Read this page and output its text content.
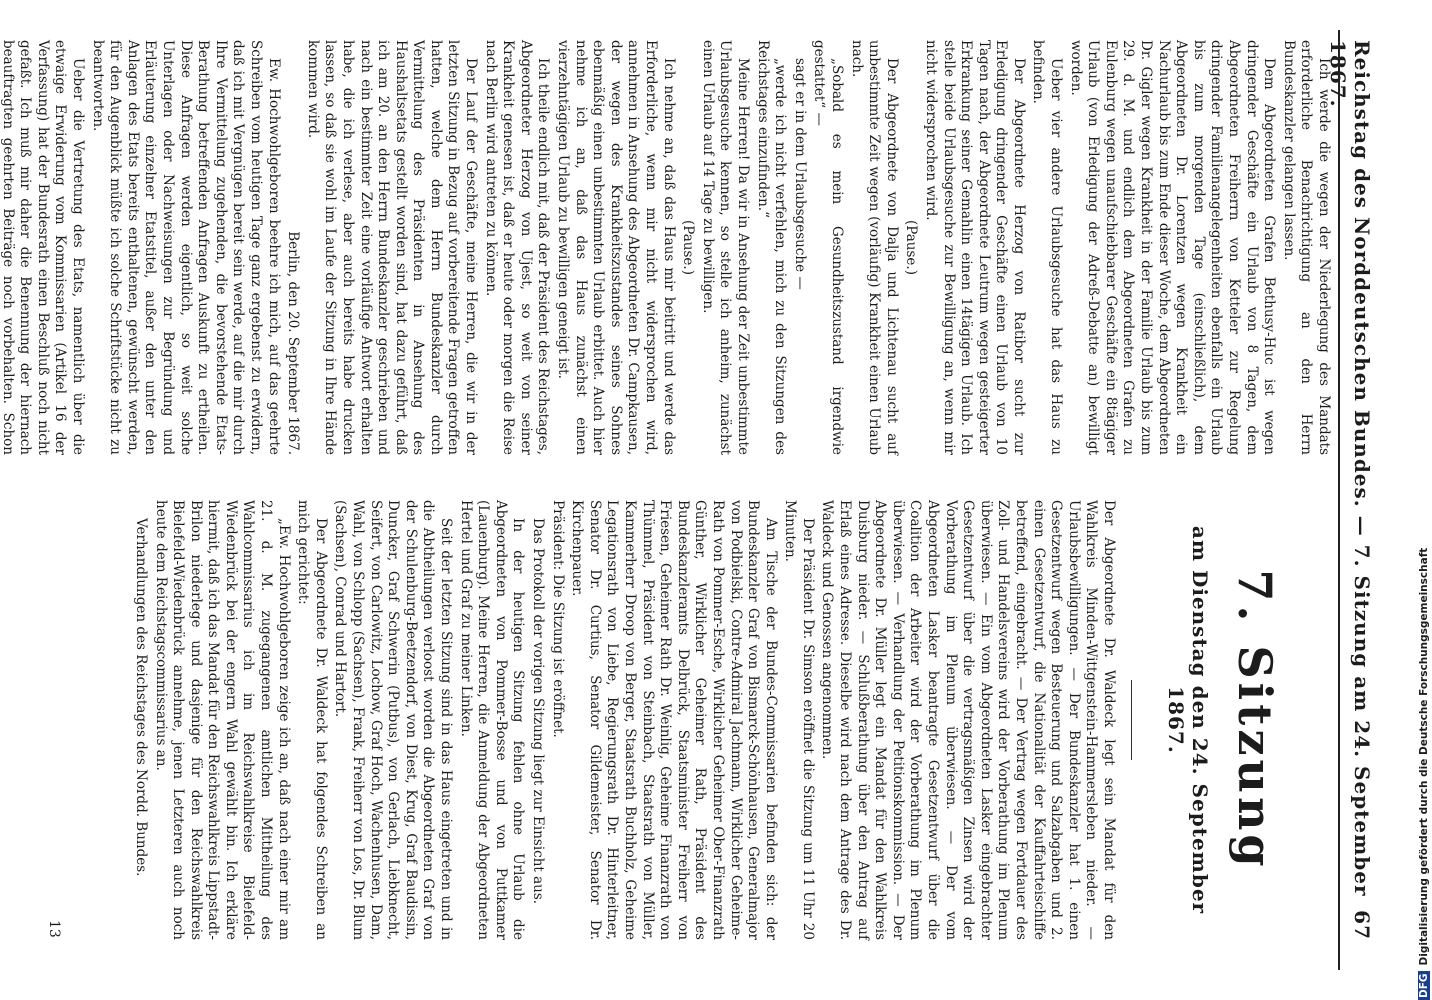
Reichstag des Norddeutschen Bundes. — 7. Sitzung am 24. September 1867.
67

Ich werde die wegen der Niederlegung des Mandats erforderliche Benachrichtigung an den Herrn Bundeskanzler gelangen lassen.

Dem Abgeordneten Grafen Bethusy-Huc ist wegen dringender Geschäfte ein Urlaub von 8 Tagen, dem Abgeordneten Freiherrn von Ketteler zur Regelung dringender Familienangelegenheiten ebenfalls ein Urlaub bis zum morgenden Tage (einschließlich), dem Abgeordneten Dr. Lorentzen wegen Krankheit ein Nachurlaub bis zum Ende dieser Woche, dem Abgeordneten Dr. Gigler wegen Krankheit in der Familie Urlaub bis zum 29. d. M. und endlich dem Abgeordneten Grafen zu Eulenburg wegen unaufschiebbarer Geschäfte ein 8tägiger Urlaub (von Erledigung der Adreß-Debatte an) bewilligt worden.

Ueber vier andere Urlaubsgesuche hat das Haus zu befinden.

Der Abgeordnete Herzog von Ratibor sucht zur Erledigung dringender Geschäfte einen Urlaub von 10 Tagen nach, der Abgeordnete Leutrum wegen gesteigerter Erkrankung seiner Gemahlin einen 14tägigen Urlaub. Ich stelle beide Urlaubsgesuche zur Bewilligung an, wenn mir nicht widersprochen wird.

(Pause.)

Der Abgeordnete von Dalja und Lichtenau sucht auf unbestimmte Zeit wegen (vorläufig) Krankheit einen Urlaub nach.

„Sobald es mein Gesundheitszustand irgendwie gestattet“ —

sagt er in dem Urlaubsgesuche —

„werde ich nicht verfehlen, mich zu den Sitzungen des Reichstages einzufinden.“

Meine Herren! Da wir in Ansehung der Zeit unbestimmte Urlaubsgesuche kennen, so stelle ich anheim, zunächst einen Urlaub auf 14 Tage zu bewilligen.

(Pause.)

Ich nehme an, daß das Haus mir beitritt und werde das Erforderliche, wenn mir nicht widersprochen wird, annehmen in Ansehung des Abgeordneten Dr. Campkausen, der wegen des Krankheitszustandes seines Sohnes ebenmäßig einen unbestimmten Urlaub erbittet. Auch hier nehme ich an, daß das Haus zunächst einen vierzehntägigen Urlaub zu bewilligen geneigt ist.

Ich theile endlich mit, daß der Präsident des Reichstages, Abgeordneter Herzog von Ujest, so weit von seiner Krankheit genesen ist, daß er heute oder morgen die Reise nach Berlin wird antreten zu können.

Der Lauf der Geschäfte, meine Herren, die wir in der letzten Sitzung in Bezug auf vorbereitende Fragen getroffen hatten, welche dem Herrn Bundeskanzler durch Vermittelung des Präsidenten in Ansehung des Haushaltsetats gestellt worden sind, hat dazu geführt, daß ich am 20. an den Herrn Bundeskanzler geschrieben und nach ein bestimmter Zeit eine vorläufige Antwort erhalten habe, die ich verlese, aber auch bereits habe drucken lassen, so daß sie wohl im Laufe der Sitzung in Ihre Hände kommen wird.

Berlin, den 20. September 1867.

Ew. Hochwohlgeboren beehre ich mich, auf das geehrte Schreiben vom heutigen Tage ganz ergebenst zu erwidern, daß ich mit Vergnügen bereit sein werde, auf die mir durch Ihre Vermittelung zugehenden, die bevorstehende Etats-Berathung betreffenden Anfragen Auskunft zu ertheilen. Diese Anfragen werden eigentlich, so weit solche Unterlagen oder Nachweisungen zur Begründung und Erläuterung einzelner Etatstitel, außer den unter den Anlagen des Etats bereits enthaltenen, gewünscht werden, für den Augenblick müßte ich solche Schriftstücke nicht zu beantworten.

Ueber die Vertretung des Etats, namentlich über die etwaige Erwiderung vom Kommissarien (Artikel 16 der Verfassung) hat der Bundesrath einen Beschluß noch nicht gefaßt. Ich muß mir daher die Benennung der hiernach beauftragten geehrten Beiträge noch vorbehalten. Schon

7. Sitzung
am Dienstag den 24. September 1867.

Der Abgeordnete Dr. Waldeck legt sein Mandat für den Wahlkreis Minden-Wittgenstein-Hammersleben nieder. — Urlaubsbewilligungen. — Der Bundeskanzler hat 1. einen Gesetzentwurf wegen Besteuerung und Salzabgaben und 2. einen Gesetzentwurf, die Nationalität der Kauffahrteischiffe betreffend, eingebracht. — Der Vertrag wegen Fortdauer des Zoll- und Handelsvereins wird der Vorberathung im Plenum überwiesen. — Ein vom Abgeordneten Lasker eingebrachter Gesetzentwurf über die vertragsmäßigen Zinsen wird der Vorberathung im Plenum überwiesen. — Der vom Abgeordneten Lasker beantragte Gesetzentwurf über die Coalition der Arbeiter wird der Vorberathung im Plenum überwiesen. — Verhandlung der Petitionskommission. — Der Abgeordnete Dr. Müller legt ein Mandat für den Wahlkreis Duisburg nieder. — Schlußberathung über den Antrag auf Erlaß eines Adresse. Dieselbe wird nach dem Antrage des Dr. Waldeck und Genossen angenommen.

Der Präsident Dr. Simson eröffnet die Sitzung um 11 Uhr 20 Minuten.

Am Tische der Bundes-Commissarien befinden sich: der Bundeskanzler Graf von Bismarck-Schönhausen, Generalmajor von Podbielski, Contre-Admiral Jachmann, Wirklicher Geheime-Rath von Pommer-Esche, Wirklicher Geheimer Ober-Finanzrath Günther, Wirklicher Geheimer Rath, Präsident des Bundeskanzleramts Delbrück, Staatsminister Freiherr von Friesen, Geheimer Rath Dr. Weinlig, Geheime Finanzrath von Thümmel, Präsident von Steinbach, Staatsrath von Müller, Kammerherr Droop von Berger, Staatsrath Buchholz, Geheime Legationsrath von Liebe, Regierungsrath Dr. Hinterleitner, Senator Dr. Curtius, Senator Gildemeister, Senator Dr. Kirchenpauer.

Präsident: Die Sitzung ist eröffnet.

Das Protokoll der vorigen Sitzung liegt zur Einsicht aus.

In der heutigen Sitzung fehlen ohne Urlaub die Abgeordneten von Pommer-Bosse und von Puttkamer (Lauenburg). Meine Herren, die Anmeldung der Abgeordneten Hertel und Graf zu meiner Linken.

Seit der letzten Sitzung sind in das Haus eingetreten und in die Abtheilungen verloost worden die Abgeordneten Graf von der Schulenburg-Beetzendorf, von Diest, Krug, Graf Baudissin, Duncker, Graf Schwerin (Putbus), von Gerlach, Liebknecht, Seifert, von Carlowitz, Lochow, Graf Hoch, Wachenhusen, Dam, Wahl, von Schlopp (Sachsen), Frank, Freiherr von Los, Dr. Blum (Sachsen), Conrad und Hartort.

Der Abgeordnete Dr. Waldeck hat folgendes Schreiben an mich gerichtet:

„Ew. Hochwohlgeboren zeige ich an, daß nach einer mir am 21. d. M. zugegangenen amtlichen Mittheilung des Wahlcommissarius ich im Reichswahlkreise Bielefeld-Wiedenbrück bei der engern Wahl gewählt bin. Ich erkläre hiermit, daß ich das Mandat für den Reichswahlkreis Lippstadt-Brilon niederlege und dasjenige für den Reichswahlkreis Bielefeld-Wiedenbrück annehme, jenen Letzteren auch noch heute dem Reichstagscommissarius an.

Verhandlungen des Reichstages des Nordd. Bundes.

13
DFGDigitalisierung gefördert durch die Deutsche Forschungsgemeinschaft
